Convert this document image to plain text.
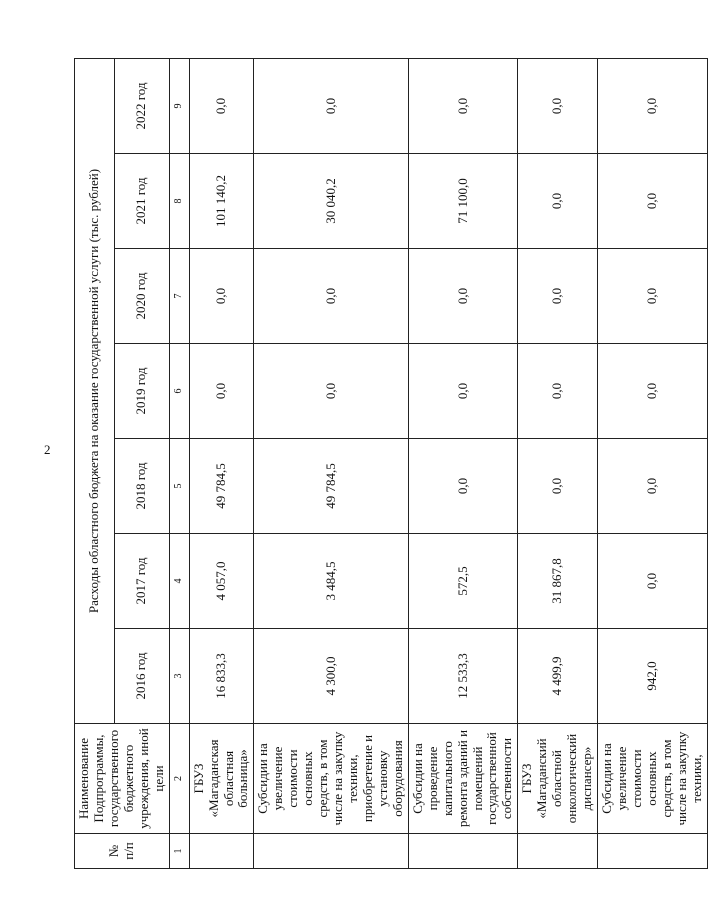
2
№ п/п	Наименование Подпрограммы, государственного бюджетного учреждения, иной цели	Расходы областного бюджета на оказание государственной услуги (тыс. рублей)						
		2016 год	2017 год	2018 год	2019 год	2020 год	2021 год	2022 год
1	2	3	4	5	6	7	8	9
	ГБУЗ «Магаданская областная больница»	16 833,3	4 057,0	49 784,5	0,0	0,0	101 140,2	0,0
	Субсидии на увеличение стоимости основных средств, в том числе на закупку техники, приобретение и установку оборудования	4 300,0	3 484,5	49 784,5	0,0	0,0	30 040,2	0,0
	Субсидии на проведение капитального ремонта зданий и помещений государственной собственности	12 533,3	572,5	0,0	0,0	0,0	71 100,0	0,0
	ГБУЗ «Магаданский областной онкологический диспансер»	4 499,9	31 867,8	0,0	0,0	0,0	0,0	0,0
	Субсидии на увеличение стоимости основных средств, в том числе на закупку техники,	942,0	0,0	0,0	0,0	0,0	0,0	0,0
